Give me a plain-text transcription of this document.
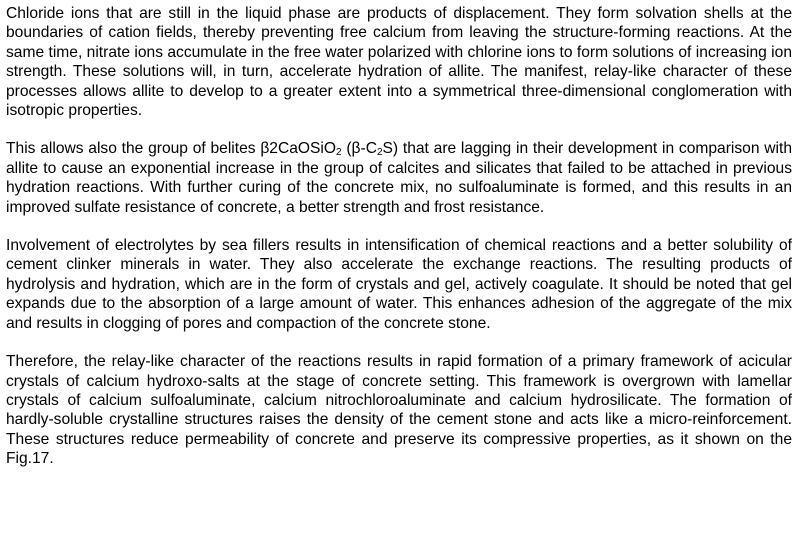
Chloride ions that are still in the liquid phase are products of displacement. They form solvation shells at the boundaries of cation fields, thereby preventing free calcium from leaving the structure-forming reactions. At the same time, nitrate ions accumulate in the free water polarized with chlorine ions to form solutions of increasing ion strength. These solutions will, in turn, accelerate hydration of allite. The manifest, relay-like character of these processes allows allite to develop to a greater extent into a symmetrical three-dimensional conglomeration with isotropic properties.

This allows also the group of belites β2CaOSiO$_2$ $(\beta-C_2S)$ that are lagging in their development in comparison with allite to cause an exponential increase in the group of calcites and silicates that failed to be attached in previous hydration reactions. With further curing of the concrete mix, no sulfoaluminate is formed, and this results in an improved sulfate resistance of concrete, a better strength and frost resistance.

Involvement of electrolytes by sea fillers results in intensification of chemical reactions and a better solubility of cement clinker minerals in water. They also accelerate the exchange reactions. The resulting products of hydrolysis and hydration, which are in the form of crystals and gel, actively coagulate. It should be noted that gel expands due to the absorption of a large amount of water. This enhances adhesion of the aggregate of the mix and results in clogging of pores and compaction of the concrete stone.

Therefore, the relay-like character of the reactions results in rapid formation of a primary framework of acicular crystals of calcium hydroxo-salts at the stage of concrete setting. This framework is overgrown with lamellar crystals of calcium sulfoaluminate, calcium nitrochloroaluminate and calcium hydrosilicate. The formation of hardly-soluble crystalline structures raises the density of the cement stone and acts like a micro-reinforcement. These structures reduce permeability of concrete and preserve its compressive properties, as it shown on the Fig.17.
